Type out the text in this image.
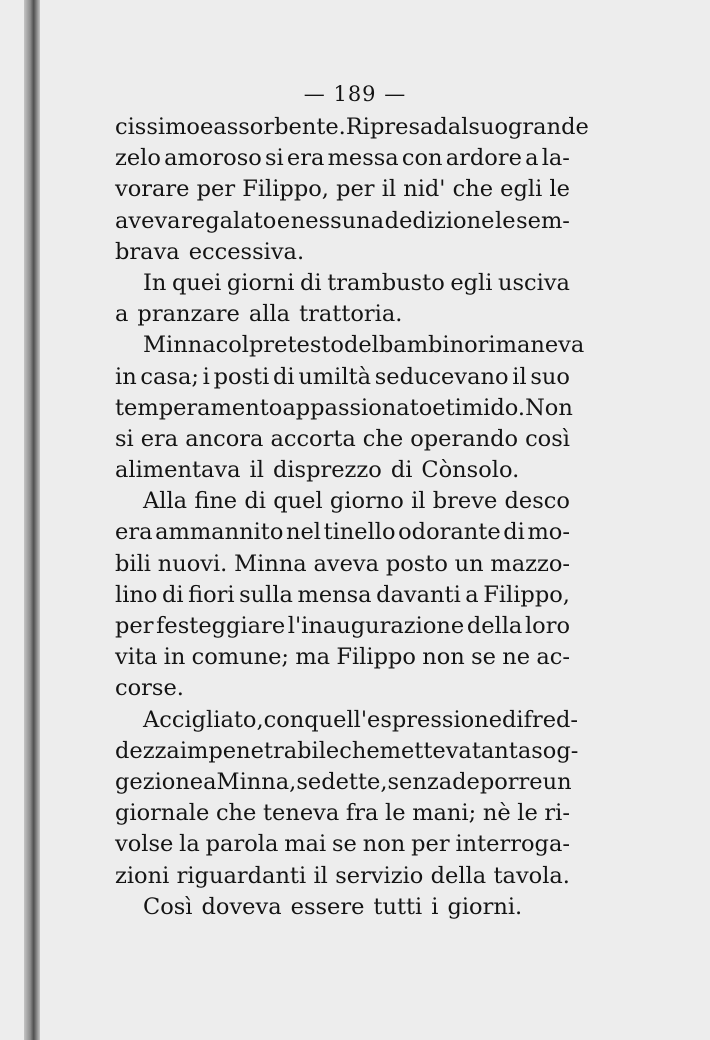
— 189 —
cissimo e assorbente. Ripresa dal suo grande
zelo amoroso si era messa con ardore a la-
vorare per Filippo, per il nid' che egli le
aveva regalato e nessuna dedizione le sem-
brava eccessiva.
In quei giorni di trambusto egli usciva
a pranzare alla trattoria.
Minna col pretesto del bambino rimaneva
in casa; i posti di umiltà seducevano il suo
temperamento appassionato e timido. Non
si era ancora accorta che operando così
alimentava il disprezzo di Cònsolo.
Alla fine di quel giorno il breve desco
era ammannito nel tinello odorante di mo-
bili nuovi. Minna aveva posto un mazzo-
lino di fiori sulla mensa davanti a Filippo,
per festeggiare l'inaugurazione della loro
vita in comune; ma Filippo non se ne ac-
corse.
Accigliato, con quell'espressione di fred-
dezza impenetrabile che metteva tanta sog-
gezione a Minna, sedette, senza deporre un
giornale che teneva fra le mani; nè le ri-
volse la parola mai se non per interroga-
zioni riguardanti il servizio della tavola.
Così doveva essere tutti i giorni.
